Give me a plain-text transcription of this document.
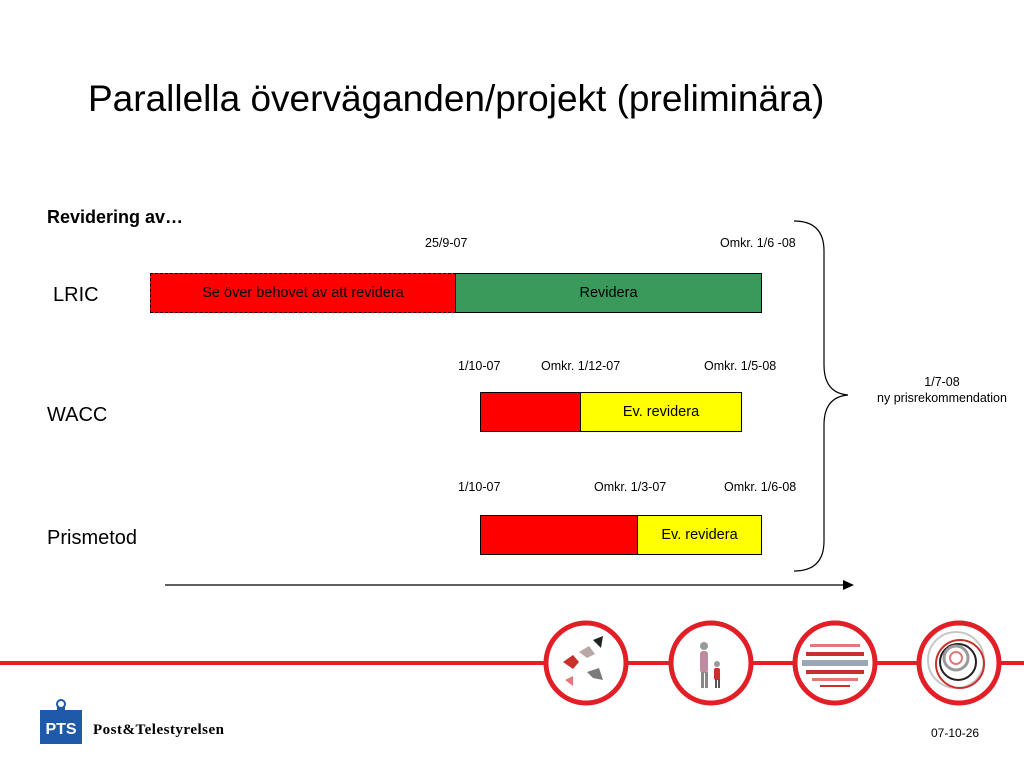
Parallella överväganden/projekt (preliminära)
Revidering av…
LRIC
25/9-07	Omkr. 1/6 -08
Se över behovet av att revidera	Revidera
WACC
1/10-07	Omkr. 1/12-07	Omkr. 1/5-08
Ev. revidera
Prismetod
1/10-07	Omkr. 1/3-07	Omkr. 1/6-08
Ev. revidera
1/7-08
ny prisrekommendation
PTS Post&Telestyrelsen	07-10-26
